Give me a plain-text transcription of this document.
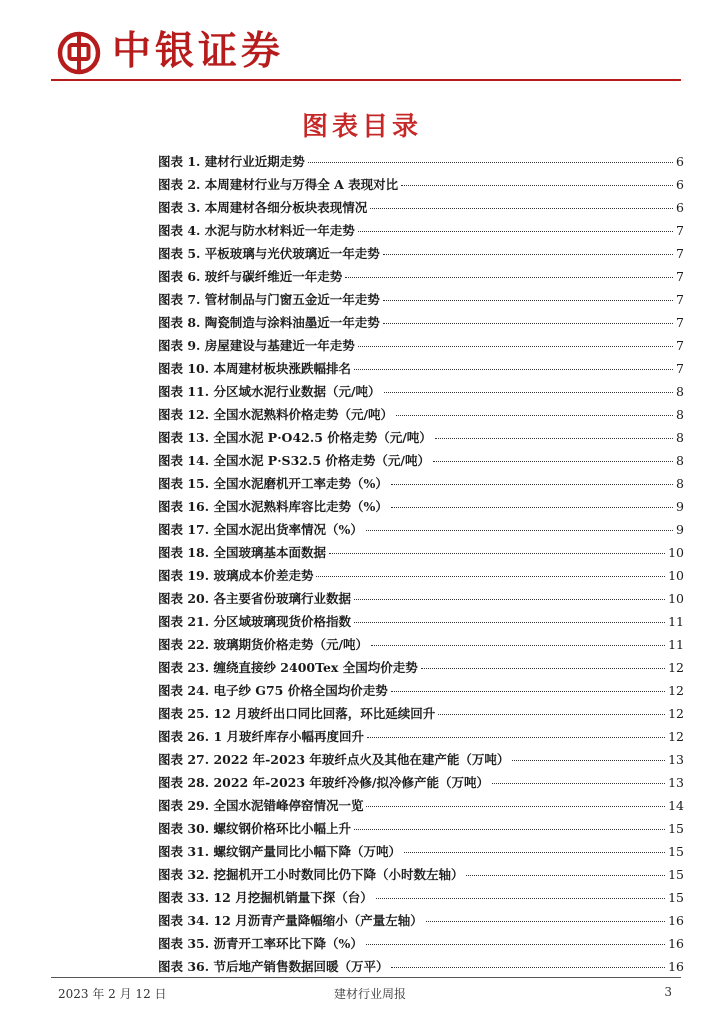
中银证券
图表目录
图表 1. 建材行业近期走势	6
图表 2. 本周建材行业与万得全 A 表现对比	6
图表 3. 本周建材各细分板块表现情况	6
图表 4. 水泥与防水材料近一年走势	7
图表 5. 平板玻璃与光伏玻璃近一年走势	7
图表 6. 玻纤与碳纤维近一年走势	7
图表 7. 管材制品与门窗五金近一年走势	7
图表 8. 陶瓷制造与涂料油墨近一年走势	7
图表 9. 房屋建设与基建近一年走势	7
图表 10. 本周建材板块涨跌幅排名	7
图表 11. 分区域水泥行业数据（元/吨）	8
图表 12. 全国水泥熟料价格走势（元/吨）	8
图表 13. 全国水泥 P·O42.5 价格走势（元/吨）	8
图表 14. 全国水泥 P·S32.5 价格走势（元/吨）	8
图表 15. 全国水泥磨机开工率走势（%）	8
图表 16. 全国水泥熟料库容比走势（%）	9
图表 17. 全国水泥出货率情况（%）	9
图表 18. 全国玻璃基本面数据	10
图表 19. 玻璃成本价差走势	10
图表 20. 各主要省份玻璃行业数据	10
图表 21. 分区域玻璃现货价格指数	11
图表 22. 玻璃期货价格走势（元/吨）	11
图表 23. 缠绕直接纱 2400Tex 全国均价走势	12
图表 24. 电子纱 G75 价格全国均价走势	12
图表 25. 12 月玻纤出口同比回落，环比延续回升	12
图表 26. 1 月玻纤库存小幅再度回升	12
图表 27. 2022 年-2023 年玻纤点火及其他在建产能（万吨）	13
图表 28. 2022 年-2023 年玻纤冷修/拟冷修产能（万吨）	13
图表 29. 全国水泥错峰停窑情况一览	14
图表 30. 螺纹钢价格环比小幅上升	15
图表 31. 螺纹钢产量同比小幅下降（万吨）	15
图表 32. 挖掘机开工小时数同比仍下降（小时数左轴）	15
图表 33. 12 月挖掘机销量下探（台）	15
图表 34. 12 月沥青产量降幅缩小（产量左轴）	16
图表 35. 沥青开工率环比下降（%）	16
图表 36. 节后地产销售数据回暖（万平）	16
2023 年 2 月 12 日	建材行业周报	3
